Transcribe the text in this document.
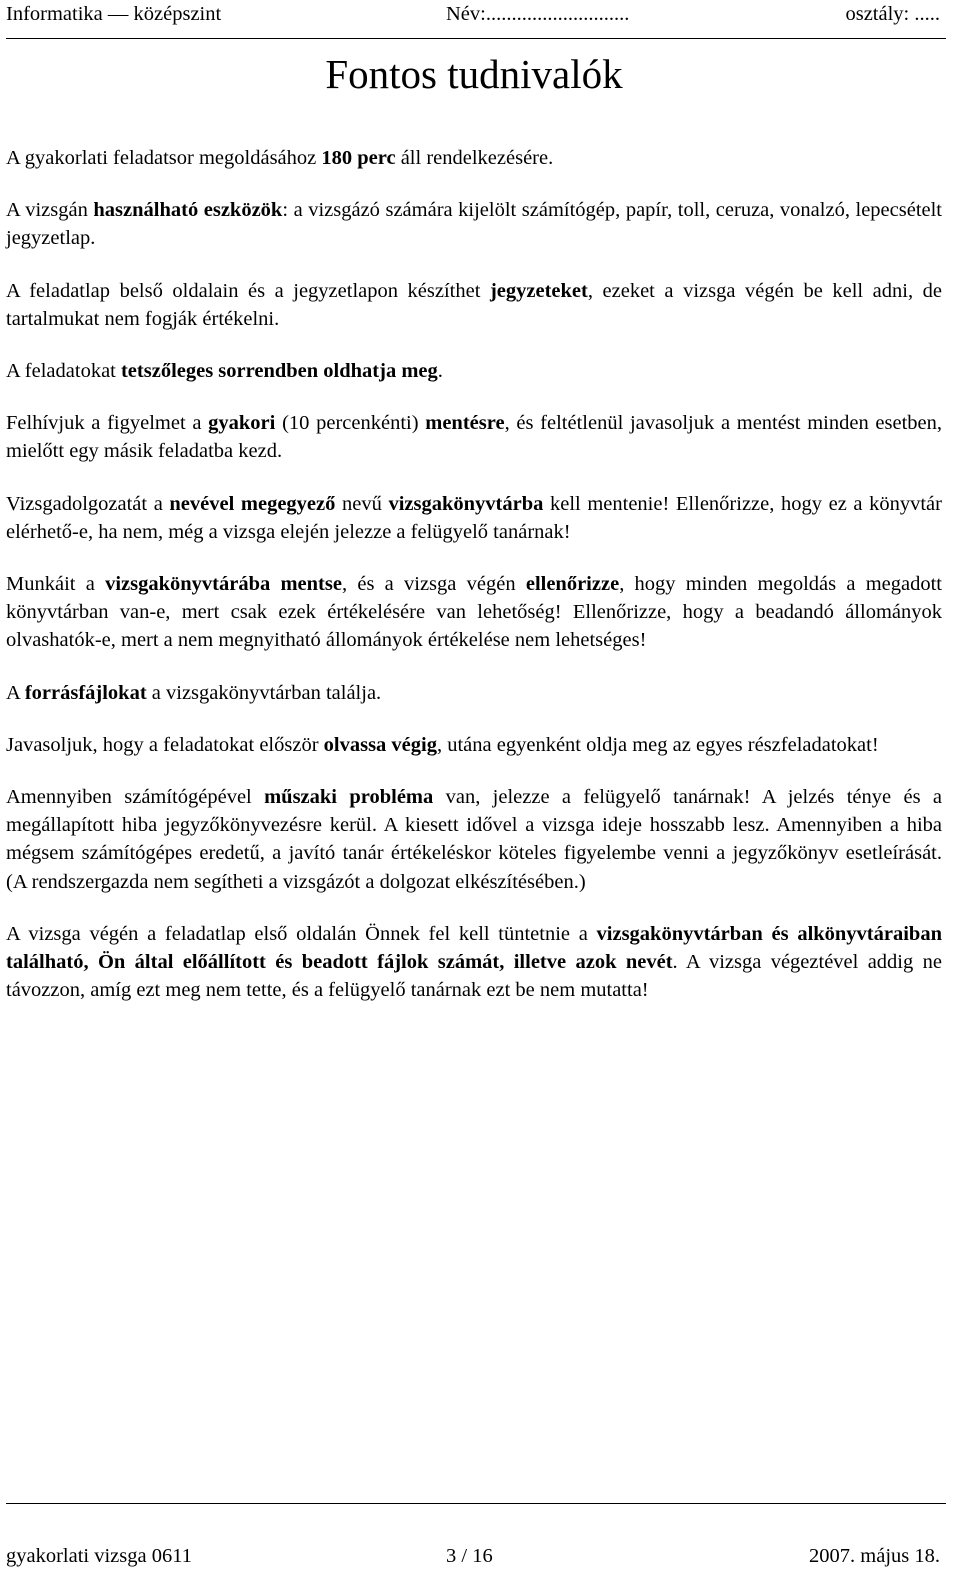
Informatika — középszint	Név:............................	osztály: .....
Fontos tudnivalók

A gyakorlati feladatsor megoldásához 180 perc áll rendelkezésére.

A vizsgán használható eszközök: a vizsgázó számára kijelölt számítógép, papír, toll, ceruza, vonalzó, lepecsételt jegyzetlap.

A feladatlap belső oldalain és a jegyzetlapon készíthet jegyzeteket, ezeket a vizsga végén be kell adni, de tartalmukat nem fogják értékelni.

A feladatokat tetszőleges sorrendben oldhatja meg.

Felhívjuk a figyelmet a gyakori (10 percenkénti) mentésre, és feltétlenül javasoljuk a mentést minden esetben, mielőtt egy másik feladatba kezd.

Vizsgadolgozatát a nevével megegyező nevű vizsgakönyvtárba kell mentenie! Ellenőrizze, hogy ez a könyvtár elérhető-e, ha nem, még a vizsga elején jelezze a felügyelő tanárnak!

Munkáit a vizsgakönyvtárába mentse, és a vizsga végén ellenőrizze, hogy minden megoldás a megadott könyvtárban van-e, mert csak ezek értékelésére van lehetőség! Ellenőrizze, hogy a beadandó állományok olvashatók-e, mert a nem megnyitható állományok értékelése nem lehetséges!

A forrásfájlokat a vizsgakönyvtárban találja.

Javasoljuk, hogy a feladatokat először olvassa végig, utána egyenként oldja meg az egyes részfeladatokat!

Amennyiben számítógépével műszaki probléma van, jelezze a felügyelő tanárnak! A jelzés ténye és a megállapított hiba jegyzőkönyvezésre kerül. A kiesett idővel a vizsga ideje hosszabb lesz. Amennyiben a hiba mégsem számítógépes eredetű, a javító tanár értékeléskor köteles figyelembe venni a jegyzőkönyv esetleírását. (A rendszergazda nem segítheti a vizsgázót a dolgozat elkészítésében.)

A vizsga végén a feladatlap első oldalán Önnek fel kell tüntetnie a vizsgakönyvtárban és alkönyvtáraiban található, Ön által előállított és beadott fájlok számát, illetve azok nevét. A vizsga végeztével addig ne távozzon, amíg ezt meg nem tette, és a felügyelő tanárnak ezt be nem mutatta!

gyakorlati vizsga 0611	3 / 16	2007. május 18.
